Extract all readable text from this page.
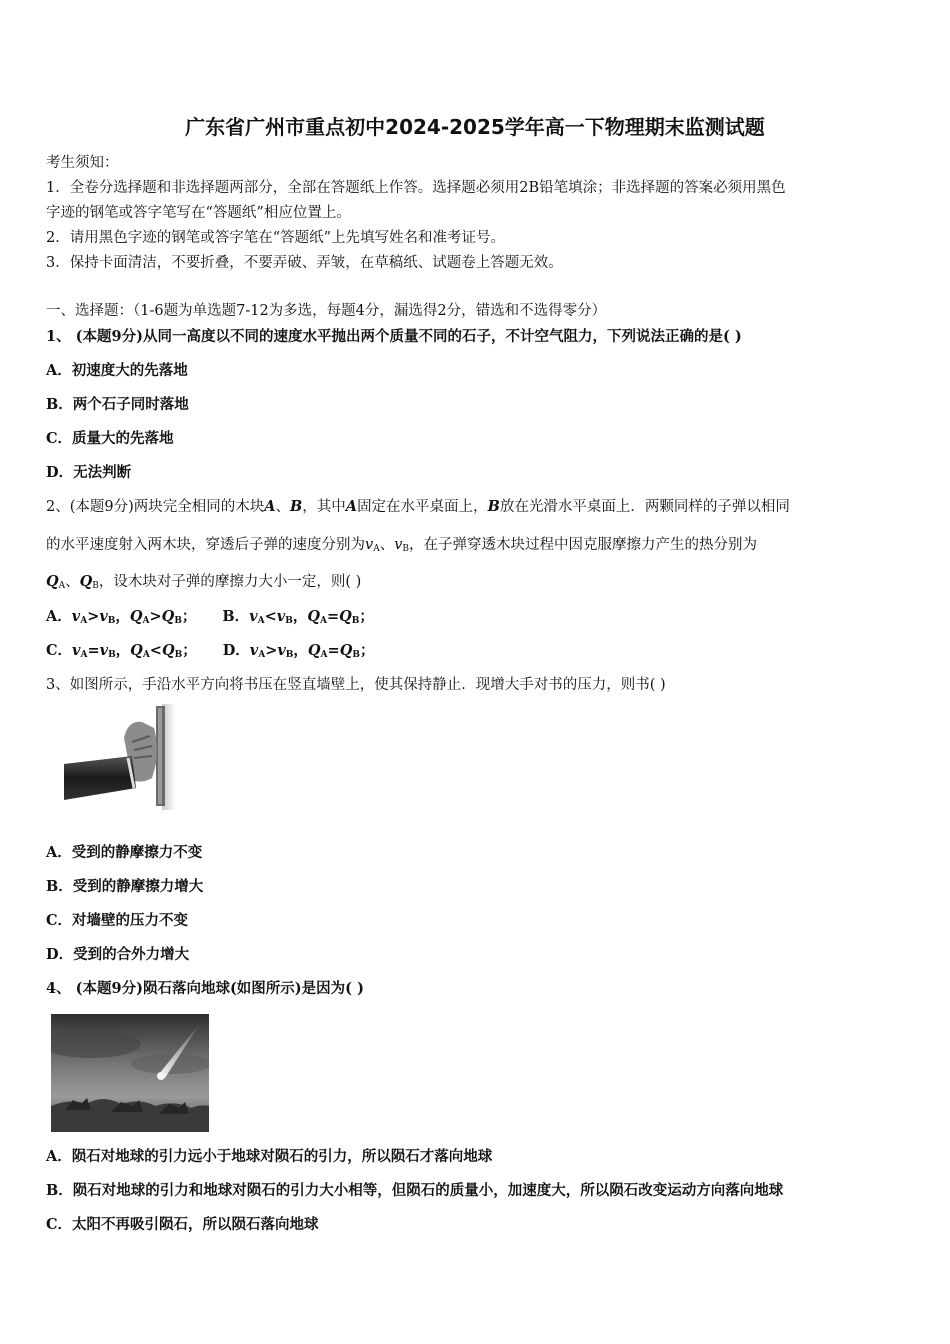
广东省广州市重点初中2024-2025学年高一下物理期末监测试题
考生须知：
1．全卷分选择题和非选择题两部分，全部在答题纸上作答。选择题必须用2B铅笔填涂；非选择题的答案必须用黑色
字迹的钢笔或答字笔写在“答题纸”相应位置上。
2．请用黑色字迹的钢笔或答字笔在“答题纸”上先填写姓名和准考证号。
3．保持卡面清洁，不要折叠，不要弄破、弄皱，在草稿纸、试题卷上答题无效。
一、选择题：（1-6题为单选题7-12为多选，每题4分，漏选得2分，错选和不选得零分）
1、 (本题9分)从同一高度以不同的速度水平抛出两个质量不同的石子，不计空气阻力，下列说法正确的是( )
A．初速度大的先落地
B．两个石子同时落地
C．质量大的先落地
D．无法判断
2、(本题9分)两块完全相同的木块A、B，其中A固定在水平桌面上，B放在光滑水平桌面上．两颗同样的子弹以相同
的水平速度射入两木块，穿透后子弹的速度分别为$v_A$、$v_B$，在子弹穿透木块过程中因克服摩擦力产生的热分别为
$Q_A$、$Q_B$，设木块对子弹的摩擦力大小一定，则( )
A．$v_A>v_B$，$Q_A>Q_B$； B．$v_A<v_B$，$Q_A=Q_B$；
C．$v_A=v_B$，$Q_A<Q_B$； D．$v_A>v_B$，$Q_A=Q_B$；
3、如图所示，手沿水平方向将书压在竖直墙壁上，使其保持静止．现增大手对书的压力，则书( )
A．受到的静摩擦力不变
B．受到的静摩擦力增大
C．对墙壁的压力不变
D．受到的合外力增大
4、 (本题9分)陨石落向地球(如图所示)是因为( )
A．陨石对地球的引力远小于地球对陨石的引力，所以陨石才落向地球
B．陨石对地球的引力和地球对陨石的引力大小相等，但陨石的质量小，加速度大，所以陨石改变运动方向落向地球
C．太阳不再吸引陨石，所以陨石落向地球
